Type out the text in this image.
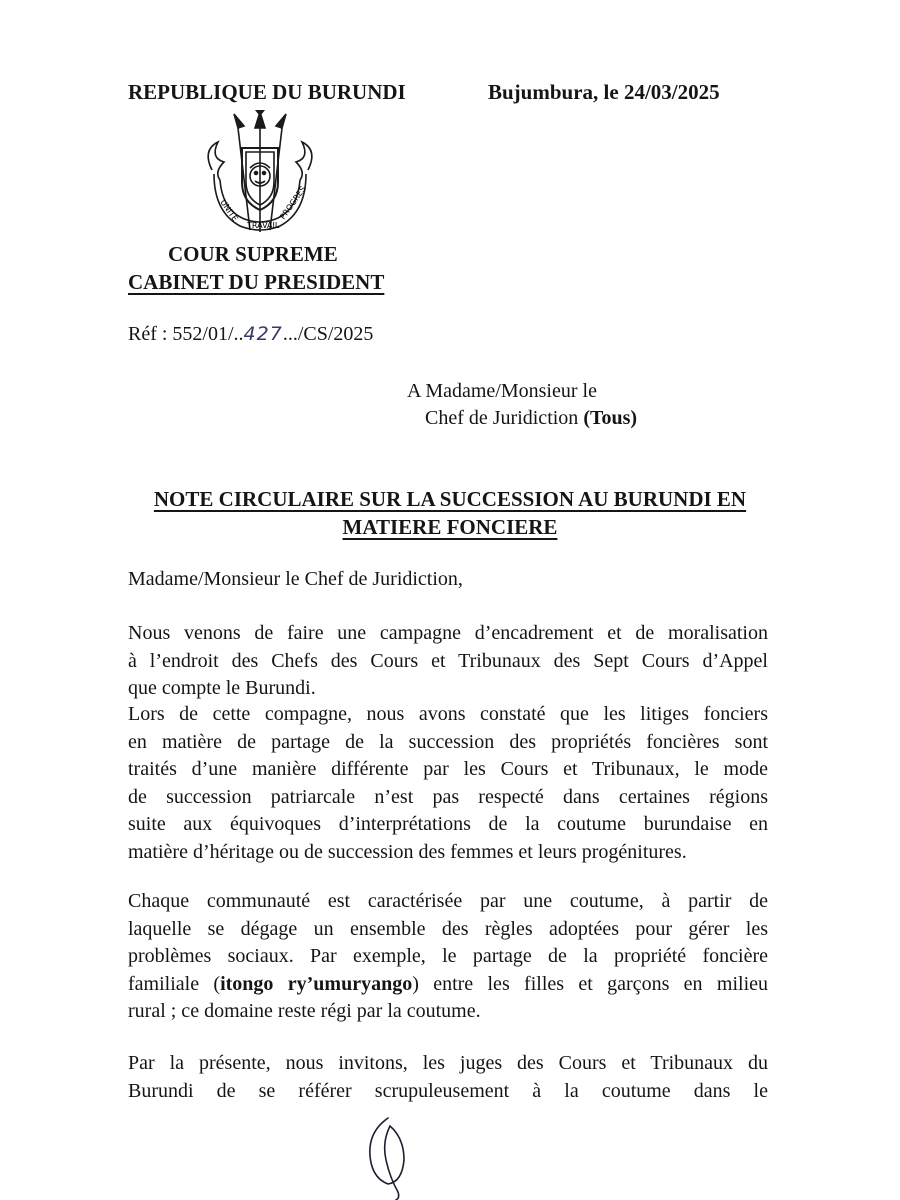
REPUBLIQUE DU BURUNDI	Bujumbura, le 24/03/2025
UNITE
TRAVAIL
PROGRES
COUR SUPREME
CABINET DU PRESIDENT
Réf : 552/01/..427.../CS/2025
A Madame/Monsieur le
Chef de Juridiction (Tous)
NOTE CIRCULAIRE SUR LA SUCCESSION AU BURUNDI EN
MATIERE FONCIERE
Madame/Monsieur le Chef de Juridiction,
Nous venons de faire une campagne d’encadrement et de moralisation
à l’endroit des Chefs des Cours et Tribunaux des Sept Cours d’Appel
que compte le Burundi.
Lors de cette compagne, nous avons constaté que les litiges fonciers
en matière de partage de la succession des propriétés foncières sont
traités d’une manière différente par les Cours et Tribunaux, le mode
de succession patriarcale n’est pas respecté dans certaines régions
suite aux équivoques d’interprétations de la coutume burundaise en
matière d’héritage ou de succession des femmes et leurs progénitures.
Chaque communauté est caractérisée par une coutume, à partir de
laquelle se dégage un ensemble des règles adoptées pour gérer les
problèmes sociaux. Par exemple, le partage de la propriété foncière
familiale (itongo ry’umuryango) entre les filles et garçons en milieu
rural ; ce domaine reste régi par la coutume.
Par la présente, nous invitons, les juges des Cours et Tribunaux du
Burundi de se référer scrupuleusement à la coutume dans le
